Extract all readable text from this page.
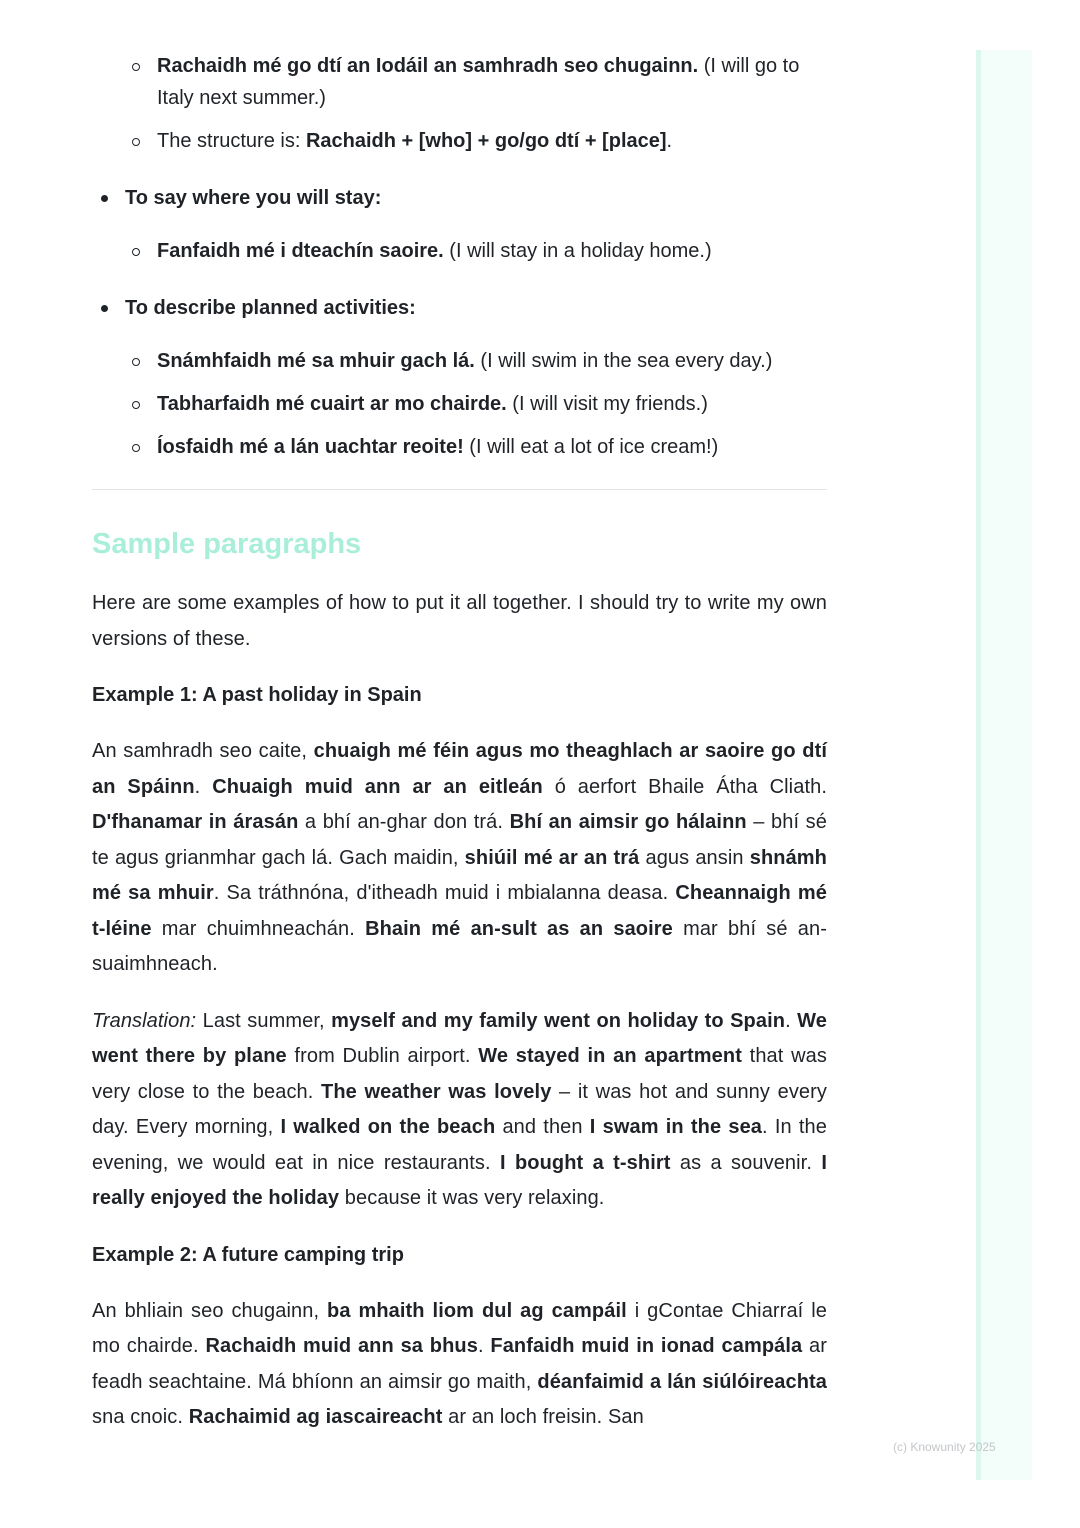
Rachaidh mé go dtí an Iodáil an samhradh seo chugainn. (I will go to Italy next summer.)
The structure is: Rachaidh + [who] + go/go dtí + [place].
To say where you will stay:
Fanfaidh mé i dteachín saoire. (I will stay in a holiday home.)
To describe planned activities:
Snámhfaidh mé sa mhuir gach lá. (I will swim in the sea every day.)
Tabharfaidh mé cuairt ar mo chairde. (I will visit my friends.)
Íosfaidh mé a lán uachtar reoite! (I will eat a lot of ice cream!)
Sample paragraphs

Here are some examples of how to put it all together. I should try to write my own versions of these.

Example 1: A past holiday in Spain

An samhradh seo caite, chuaigh mé féin agus mo theaghlach ar saoire go dtí an Spáinn. Chuaigh muid ann ar an eitleán ó aerfort Bhaile Átha Cliath. D'fhanamar in árasán a bhí an-ghar don trá. Bhí an aimsir go hálainn – bhí sé te agus grianmhar gach lá. Gach maidin, shiúil mé ar an trá agus ansin shnámh mé sa mhuir. Sa tráthnóna, d'itheadh muid i mbialanna deasa. Cheannaigh mé t-léine mar chuimhneachán. Bhain mé an-sult as an saoire mar bhí sé an-suaimhneach.

Translation: Last summer, myself and my family went on holiday to Spain. We went there by plane from Dublin airport. We stayed in an apartment that was very close to the beach. The weather was lovely – it was hot and sunny every day. Every morning, I walked on the beach and then I swam in the sea. In the evening, we would eat in nice restaurants. I bought a t-shirt as a souvenir. I really enjoyed the holiday because it was very relaxing.

Example 2: A future camping trip

An bhliain seo chugainn, ba mhaith liom dul ag campáil i gContae Chiarraí le mo chairde. Rachaidh muid ann sa bhus. Fanfaidh muid in ionad campála ar feadh seachtaine. Má bhíonn an aimsir go maith, déanfaimid a lán siúlóireachta sna cnoic. Rachaimid ag iascaireacht ar an loch freisin. San

(c) Knowunity 2025
